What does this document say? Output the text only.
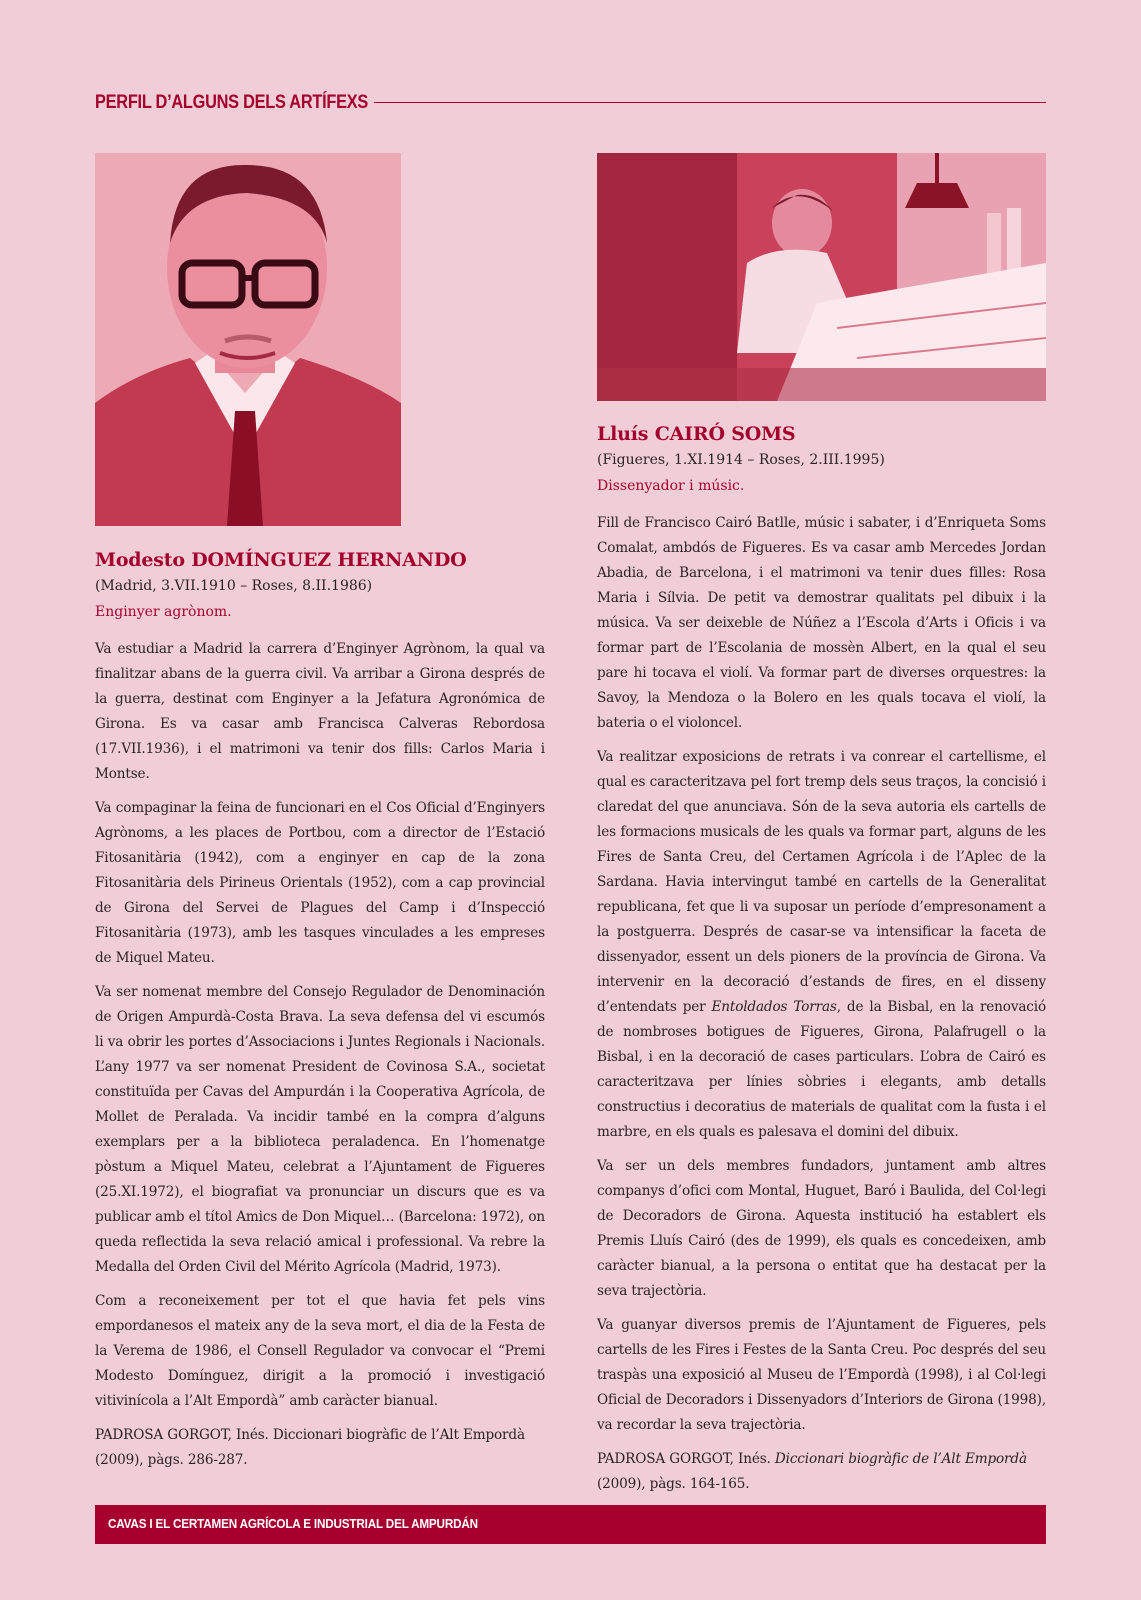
PERFIL D’ALGUNS DELS ARTÍFEXS

Modesto DOMÍNGUEZ HERNANDO

(Madrid, 3.VII.1910 – Roses, 8.II.1986)

Enginyer agrònom.

Va estudiar a Madrid la carrera d’Enginyer Agrònom, la qual va finalitzar abans de la guerra civil. Va arribar a Girona després de la guerra, destinat com Enginyer a la Jefatura Agronómica de Girona. Es va casar amb Francisca Calveras Rebordosa (17.VII.1936), i el matrimoni va tenir dos fills: Carlos Maria i Montse.

Va compaginar la feina de funcionari en el Cos Oficial d’Enginyers Agrònoms, a les places de Portbou, com a director de l’Estació Fitosanitària (1942), com a enginyer en cap de la zona Fitosanitària dels Pirineus Orientals (1952), com a cap provincial de Girona del Servei de Plagues del Camp i d’Inspecció Fitosanitària (1973), amb les tasques vinculades a les empreses de Miquel Mateu.

Va ser nomenat membre del Consejo Regulador de Denominación de Origen Ampurdà-Costa Brava. La seva defensa del vi escumós li va obrir les portes d’Associacions i Juntes Regionals i Nacionals. L’any 1977 va ser nomenat President de Covinosa S.A., societat constituïda per Cavas del Ampurdán i la Cooperativa Agrícola, de Mollet de Peralada. Va incidir també en la compra d’alguns exemplars per a la biblioteca peraladenca. En l’homenatge pòstum a Miquel Mateu, celebrat a l’Ajuntament de Figueres (25.XI.1972), el biografiat va pronunciar un discurs que es va publicar amb el títol Amics de Don Miquel… (Barcelona: 1972), on queda reflectida la seva relació amical i professional. Va rebre la Medalla del Orden Civil del Mérito Agrícola (Madrid, 1973).

Com a reconeixement per tot el que havia fet pels vins empordanesos el mateix any de la seva mort, el dia de la Festa de la Verema de 1986, el Consell Regulador va convocar el “Premi Modesto Domínguez, dirigit a la promoció i investigació vitivinícola a l’Alt Empordà” amb caràcter bianual.

PADROSA GORGOT, Inés. Diccionari biogràfic de l’Alt Empordà (2009), pàgs. 286-287.

Lluís CAIRÓ SOMS

(Figueres, 1.XI.1914 – Roses, 2.III.1995)

Dissenyador i músic.

Fill de Francisco Cairó Batlle, músic i sabater, i d’Enriqueta Soms Comalat, ambdós de Figueres. Es va casar amb Mercedes Jordan Abadia, de Barcelona, i el matrimoni va tenir dues filles: Rosa Maria i Sílvia. De petit va demostrar qualitats pel dibuix i la música. Va ser deixeble de Núñez a l’Escola d’Arts i Oficis i va formar part de l’Escolania de mossèn Albert, en la qual el seu pare hi tocava el violí. Va formar part de diverses orquestres: la Savoy, la Mendoza o la Bolero en les quals tocava el violí, la bateria o el violoncel.

Va realitzar exposicions de retrats i va conrear el cartellisme, el qual es caracteritzava pel fort tremp dels seus traços, la concisió i claredat del que anunciava. Són de la seva autoria els cartells de les formacions musicals de les quals va formar part, alguns de les Fires de Santa Creu, del Certamen Agrícola i de l’Aplec de la Sardana. Havia intervingut també en cartells de la Generalitat republicana, fet que li va suposar un període d’empresonament a la postguerra. Després de casar-se va intensificar la faceta de dissenyador, essent un dels pioners de la província de Girona. Va intervenir en la decoració d’estands de fires, en el disseny d’entendats per Entoldados Torras, de la Bisbal, en la renovació de nombroses botigues de Figueres, Girona, Palafrugell o la Bisbal, i en la decoració de cases particulars. L’obra de Cairó es caracteritzava per línies sòbries i elegants, amb detalls constructius i decoratius de materials de qualitat com la fusta i el marbre, en els quals es palesava el domini del dibuix.

Va ser un dels membres fundadors, juntament amb altres companys d’ofici com Montal, Huguet, Baró i Baulida, del Col·legi de Decoradors de Girona. Aquesta institució ha establert els Premis Lluís Cairó (des de 1999), els quals es concedeixen, amb caràcter bianual, a la persona o entitat que ha destacat per la seva trajectòria.

Va guanyar diversos premis de l’Ajuntament de Figueres, pels cartells de les Fires i Festes de la Santa Creu. Poc després del seu traspàs una exposició al Museu de l’Empordà (1998), i al Col·legi Oficial de Decoradors i Dissenyadors d’Interiors de Girona (1998), va recordar la seva trajectòria.

PADROSA GORGOT, Inés. Diccionari biogràfic de l’Alt Empordà (2009), pàgs. 164-165.

CAVAS I EL CERTAMEN AGRÍCOLA E INDUSTRIAL DEL AMPURDÁN
